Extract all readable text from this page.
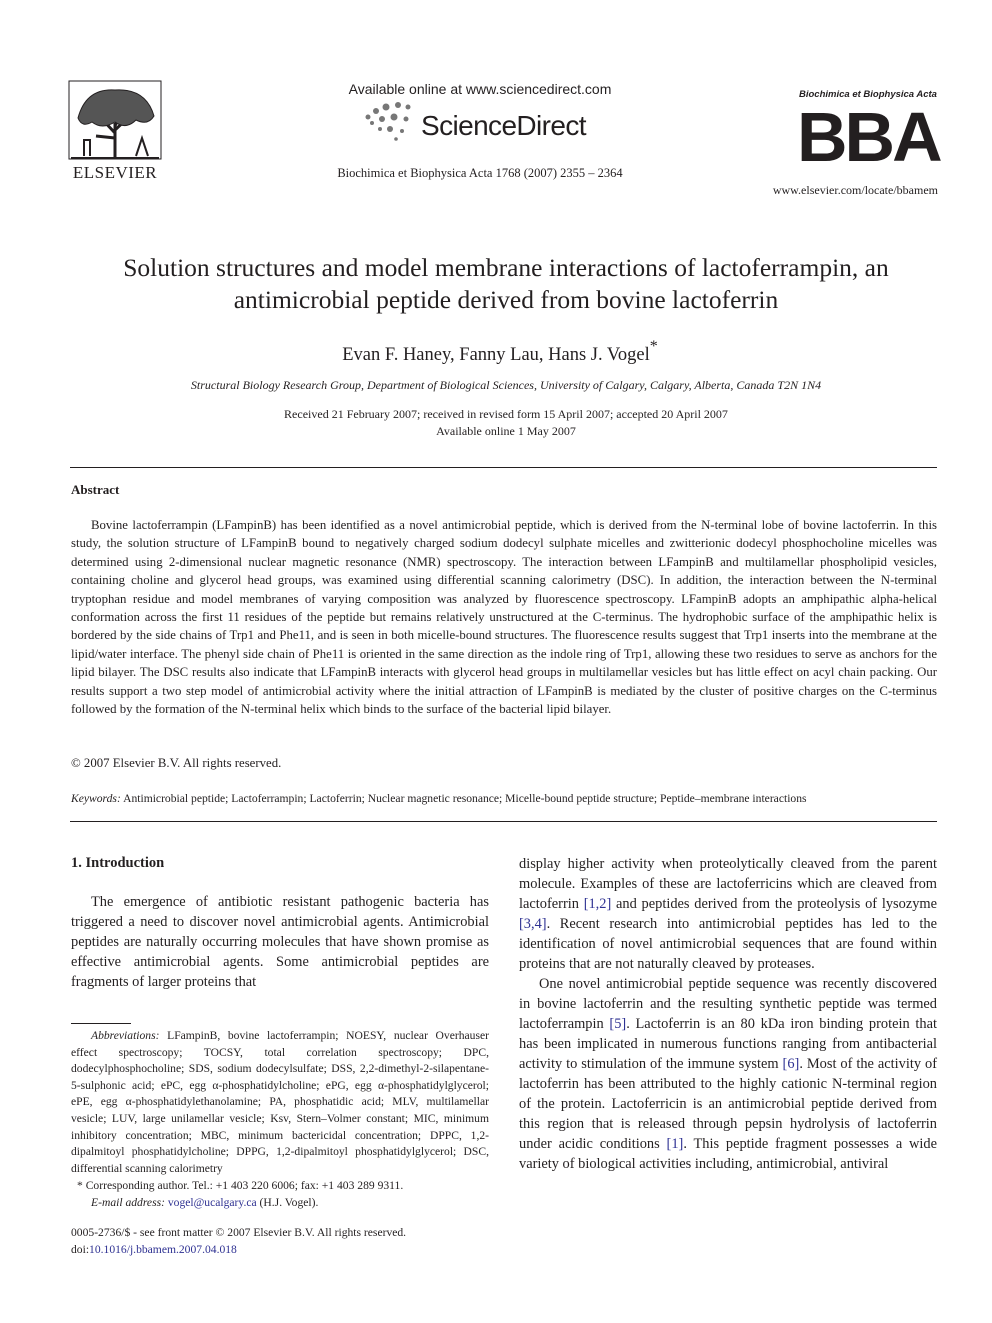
ELSEVIER
Available online at www.sciencedirect.com
ScienceDirect
Biochimica et Biophysica Acta 1768 (2007) 2355 – 2364
Biochimica et Biophysica Acta
BBA
www.elsevier.com/locate/bbamem
Solution structures and model membrane interactions of lactoferrampin, an
antimicrobial peptide derived from bovine lactoferrin
Evan F. Haney, Fanny Lau, Hans J. Vogel*
Structural Biology Research Group, Department of Biological Sciences, University of Calgary, Calgary, Alberta, Canada T2N 1N4
Received 21 February 2007; received in revised form 15 April 2007; accepted 20 April 2007
Available online 1 May 2007
Abstract
Bovine lactoferrampin (LFampinB) has been identified as a novel antimicrobial peptide, which is derived from the N-terminal lobe of bovine lactoferrin. In this study, the solution structure of LFampinB bound to negatively charged sodium dodecyl sulphate micelles and zwitterionic dodecyl phosphocholine micelles was determined using 2-dimensional nuclear magnetic resonance (NMR) spectroscopy. The interaction between LFampinB and multilamellar phospholipid vesicles, containing choline and glycerol head groups, was examined using differential scanning calorimetry (DSC). In addition, the interaction between the N-terminal tryptophan residue and model membranes of varying composition was analyzed by fluorescence spectroscopy. LFampinB adopts an amphipathic alpha-helical conformation across the first 11 residues of the peptide but remains relatively unstructured at the C-terminus. The hydrophobic surface of the amphipathic helix is bordered by the side chains of Trp1 and Phe11, and is seen in both micelle-bound structures. The fluorescence results suggest that Trp1 inserts into the membrane at the lipid/water interface. The phenyl side chain of Phe11 is oriented in the same direction as the indole ring of Trp1, allowing these two residues to serve as anchors for the lipid bilayer. The DSC results also indicate that LFampinB interacts with glycerol head groups in multilamellar vesicles but has little effect on acyl chain packing. Our results support a two step model of antimicrobial activity where the initial attraction of LFampinB is mediated by the cluster of positive charges on the C-terminus followed by the formation of the N-terminal helix which binds to the surface of the bacterial lipid bilayer.
© 2007 Elsevier B.V. All rights reserved.
Keywords: Antimicrobial peptide; Lactoferrampin; Lactoferrin; Nuclear magnetic resonance; Micelle-bound peptide structure; Peptide–membrane interactions
1. Introduction
The emergence of antibiotic resistant pathogenic bacteria has triggered a need to discover novel antimicrobial agents. Antimicrobial peptides are naturally occurring molecules that have shown promise as effective antimicrobial agents. Some antimicrobial peptides are fragments of larger proteins that
Abbreviations: LFampinB, bovine lactoferrampin; NOESY, nuclear Overhauser effect spectroscopy; TOCSY, total correlation spectroscopy; DPC, dodecylphosphocholine; SDS, sodium dodecylsulfate; DSS, 2,2-dimethyl-2-silapentane-5-sulphonic acid; ePC, egg α-phosphatidylcholine; ePG, egg α-phosphatidylglycerol; ePE, egg α-phosphatidylethanolamine; PA, phosphatidic acid; MLV, multilamellar vesicle; LUV, large unilamellar vesicle; Ksv, Stern–Volmer constant; MIC, minimum inhibitory concentration; MBC, minimum bactericidal concentration; DPPC, 1,2-dipalmitoyl phosphatidylcholine; DPPG, 1,2-dipalmitoyl phosphatidylglycerol; DSC, differential scanning calorimetry
* Corresponding author. Tel.: +1 403 220 6006; fax: +1 403 289 9311.
E-mail address: vogel@ucalgary.ca (H.J. Vogel).
0005-2736/$ - see front matter © 2007 Elsevier B.V. All rights reserved.
doi:10.1016/j.bbamem.2007.04.018

display higher activity when proteolytically cleaved from the parent molecule. Examples of these are lactoferricins which are cleaved from lactoferrin [1,2] and peptides derived from the proteolysis of lysozyme [3,4]. Recent research into antimicrobial peptides has led to the identification of novel antimicrobial sequences that are found within proteins that are not naturally cleaved by proteases.

One novel antimicrobial peptide sequence was recently discovered in bovine lactoferrin and the resulting synthetic peptide was termed lactoferrampin [5]. Lactoferrin is an 80 kDa iron binding protein that has been implicated in numerous functions ranging from antibacterial activity to stimulation of the immune system [6]. Most of the activity of lactoferrin has been attributed to the highly cationic N-terminal region of the protein. Lactoferricin is an antimicrobial peptide derived from this region that is released through pepsin hydrolysis of lactoferrin under acidic conditions [1]. This peptide fragment possesses a wide variety of biological activities including, antimicrobial, antiviral
